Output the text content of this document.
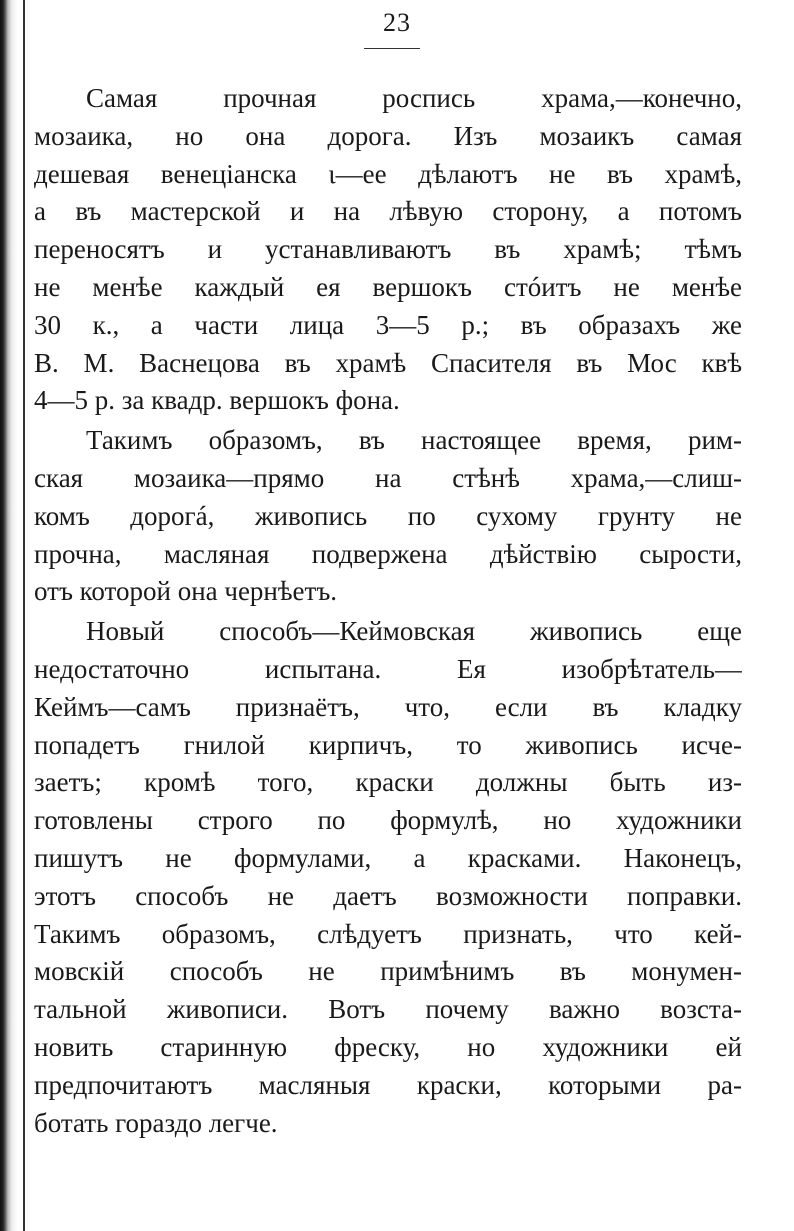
23
Самая прочная роспись храма,—конечно,
мозаика, но она дорога. Изъ мозаикъ самая
дешевая венеціанска ι—ее дѣлаютъ не въ храмѣ,
а въ мастерской и на лѣвую сторону, а потомъ
переносятъ и устанавливаютъ въ храмѣ; тѣмъ
не менѣе каждый ея вершокъ стóитъ не менѣе
30 к., а части лица 3—5 р.; въ образахъ же
В. М. Васнецова въ храмѣ Спасителя въ Мос квѣ
4—5 р. за квадр. вершокъ фона.
Такимъ образомъ, въ настоящее время, рим-
ская мозаика—прямо на стѣнѣ храма,—слиш-
комъ дорогá, живопись по сухому грунту не
прочна, масляная подвержена дѣйствію сырости,
отъ которой она чернѣетъ.
Новый способъ—Кеймовская живопись еще
недостаточно испытана. Ея изобрѣтатель—
Кеймъ—самъ признаётъ, что, если въ кладку
попадетъ гнилой кирпичъ, то живопись исче-
заетъ; кромѣ того, краски должны быть из-
готовлены строго по формулѣ, но художники
пишутъ не формулами, а красками. Наконецъ,
этотъ способъ не даетъ возможности поправки.
Такимъ образомъ, слѣдуетъ признать, что кей-
мовскій способъ не примѣнимъ въ монумен-
тальной живописи. Вотъ почему важно возста-
новить старинную фреску, но художники ей
предпочитаютъ масляныя краски, которыми ра-
ботать гораздо легче.
